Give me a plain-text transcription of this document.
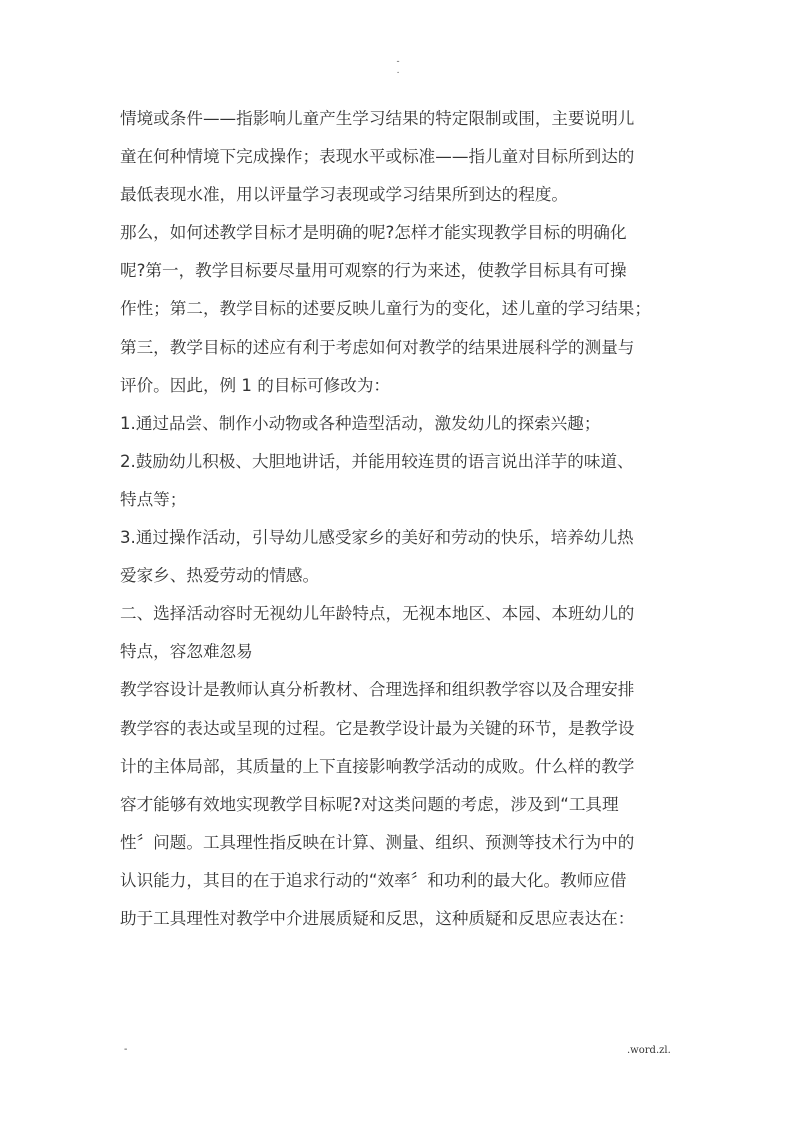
-
.
情境或条件——指影响儿童产生学习结果的特定限制或围，主要说明儿
童在何种情境下完成操作；表现水平或标准——指儿童对目标所到达的
最低表现水准，用以评量学习表现或学习结果所到达的程度。
那么，如何述教学目标才是明确的呢?怎样才能实现教学目标的明确化
呢?第一，教学目标要尽量用可观察的行为来述，使教学目标具有可操
作性；第二，教学目标的述要反映儿童行为的变化，述儿童的学习结果；
第三，教学目标的述应有利于考虑如何对教学的结果进展科学的测量与
评价。因此，例 1 的目标可修改为：
1.通过品尝、制作小动物或各种造型活动，激发幼儿的探索兴趣；
2.鼓励幼儿积极、大胆地讲话，并能用较连贯的语言说出洋芋的味道、
特点等；
3.通过操作活动，引导幼儿感受家乡的美好和劳动的快乐，培养幼儿热
爱家乡、热爱劳动的情感。
二、选择活动容时无视幼儿年龄特点，无视本地区、本园、本班幼儿的
特点，容忽难忽易
教学容设计是教师认真分析教材、合理选择和组织教学容以及合理安排
教学容的表达或呈现的过程。它是教学设计最为关键的环节，是教学设
计的主体局部，其质量的上下直接影响教学活动的成败。什么样的教学
容才能够有效地实现教学目标呢?对这类问题的考虑，涉及到“工具理
性〞问题。工具理性指反映在计算、测量、组织、预测等技术行为中的
认识能力，其目的在于追求行动的“效率〞和功利的最大化。教师应借
助于工具理性对教学中介进展质疑和反思，这种质疑和反思应表达在：
-	.word.zl.
